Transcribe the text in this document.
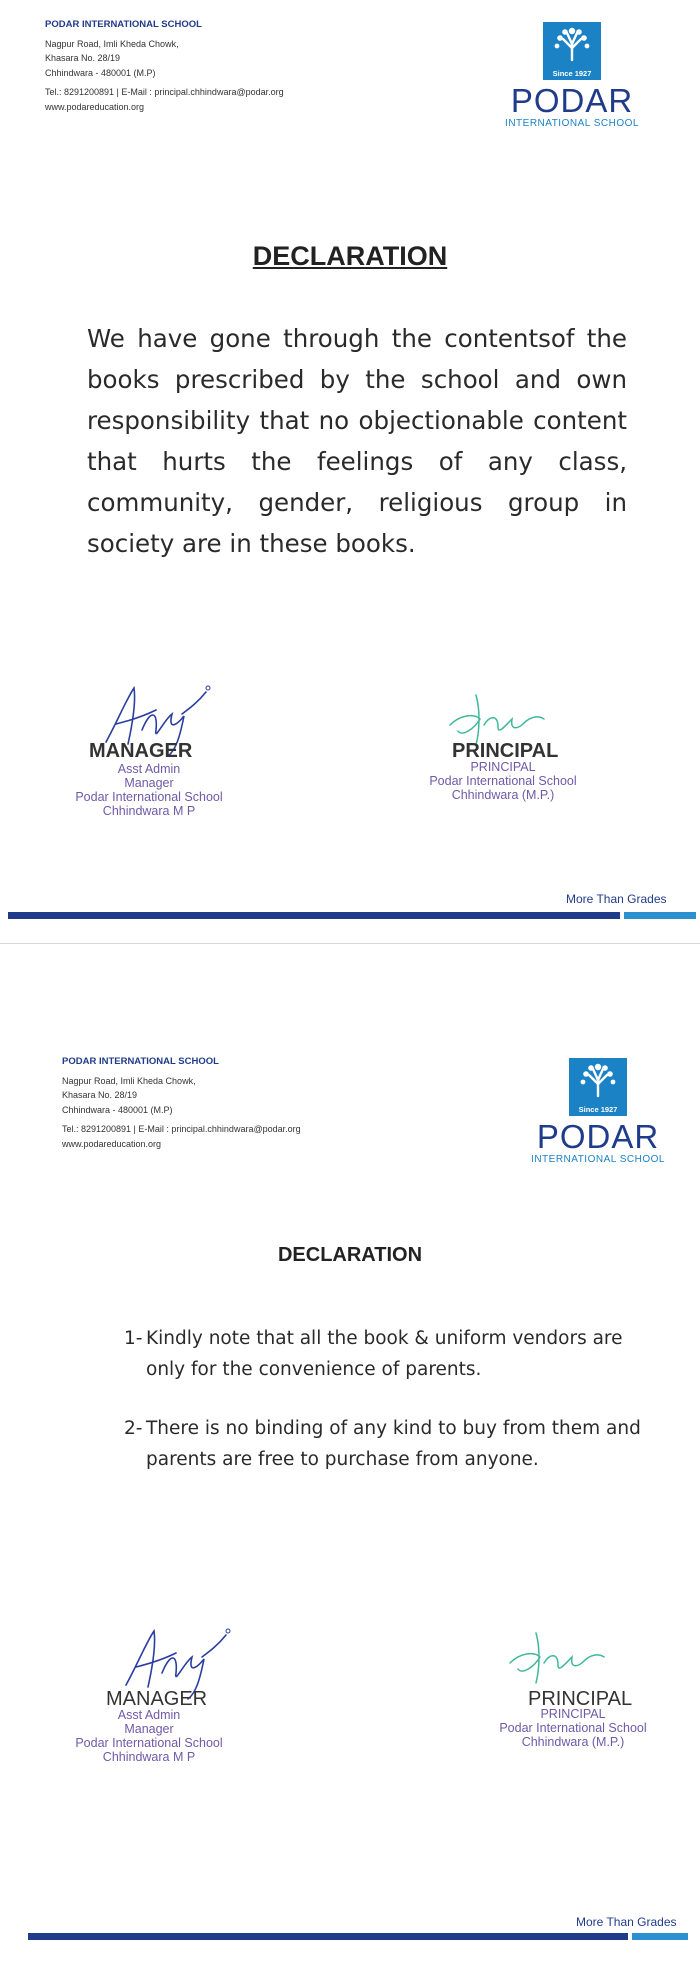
PODAR INTERNATIONAL SCHOOL
Nagpur Road, Imli Kheda Chowk,
Khasara No. 28/19
Chhindwara - 480001 (M.P)
Tel.: 8291200891 | E-Mail : principal.chhindwara@podar.org
www.podareducation.org
Since 1927
PODAR
INTERNATIONAL SCHOOL
DECLARATION
We have gone through the contentsof the books prescribed by the school and own responsibility that no objectionable content that hurts the feelings of any class, community, gender, religious group in society are in these books.
MANAGER
Asst Admin
Manager
Podar International School
Chhindwara M P
PRINCIPAL
PRINCIPAL
Podar International School
Chhindwara (M.P.)
More Than Grades
PODAR INTERNATIONAL SCHOOL
Nagpur Road, Imli Kheda Chowk,
Khasara No. 28/19
Chhindwara - 480001 (M.P)
Tel.: 8291200891 | E-Mail : principal.chhindwara@podar.org
www.podareducation.org
Since 1927
PODAR
INTERNATIONAL SCHOOL
DECLARATION
1- Kindly note that all the book & uniform vendors are only for the convenience of parents.
2- There is no binding of any kind to buy from them and parents are free to purchase from anyone.
MANAGER
Asst Admin
Manager
Podar International School
Chhindwara M P
PRINCIPAL
PRINCIPAL
Podar International School
Chhindwara (M.P.)
More Than Grades
